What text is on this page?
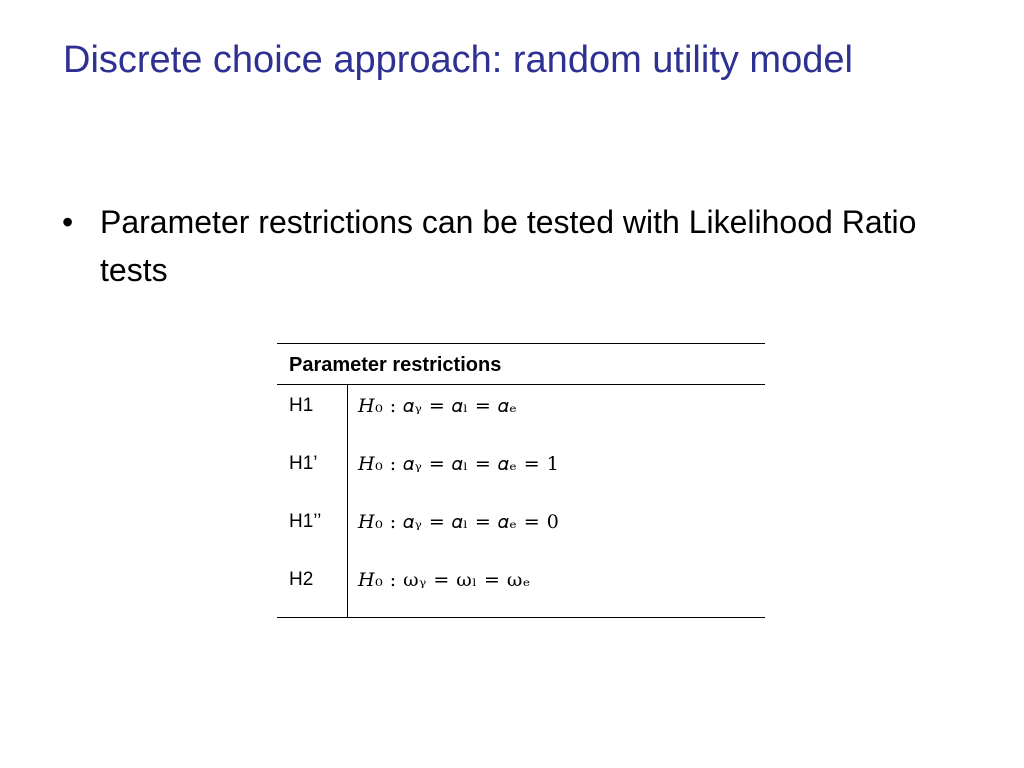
Discrete choice approach: random utility model
• Parameter restrictions can be tested with Likelihood Ratio tests
Parameter restrictions	
H1	𝐻₀ : 𝛼ᵧ = 𝛼ₗ = 𝛼ₑ
H1’	𝐻₀ : 𝛼ᵧ = 𝛼ₗ = 𝛼ₑ = 1
H1’’	𝐻₀ : 𝛼ᵧ = 𝛼ₗ = 𝛼ₑ = 0
H2	𝐻₀ : ωᵧ = ωₗ = ωₑ
